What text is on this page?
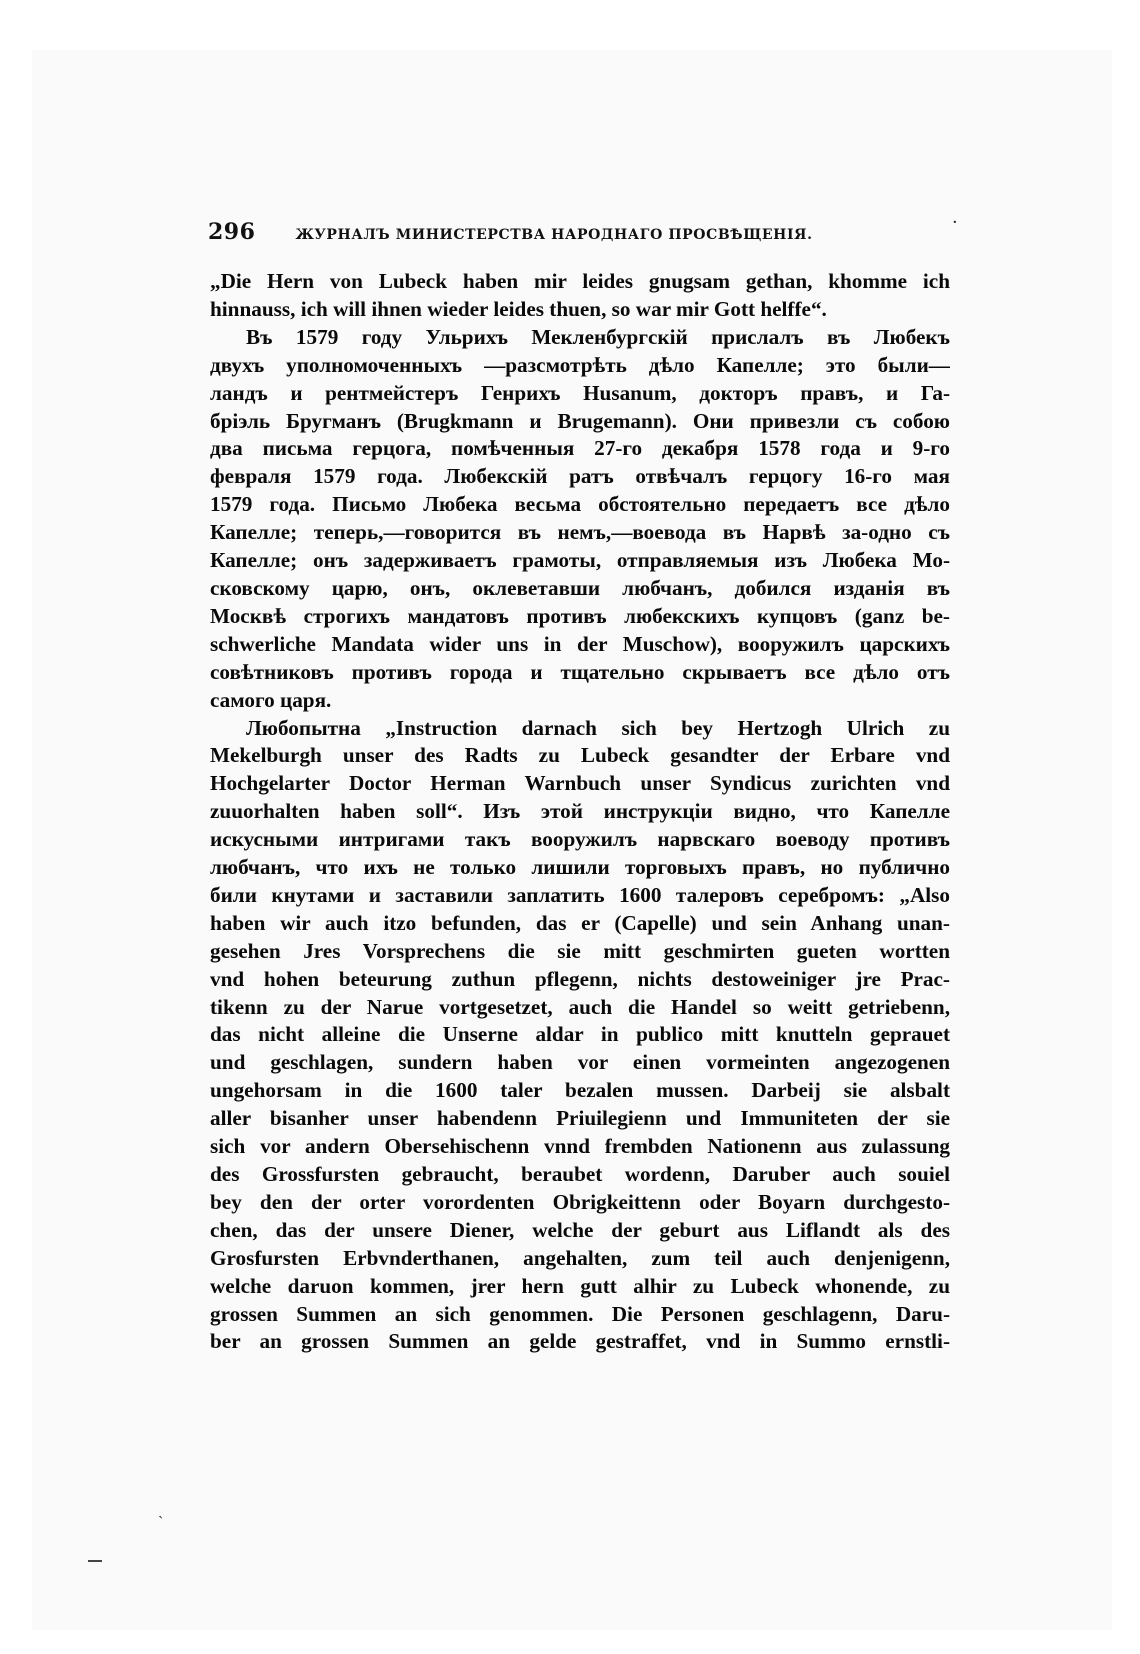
296	ЖУРНАЛЪ МИНИСТЕРСТВА НАРОДНАГО ПРОСВѢЩЕНIЯ.
·
„Die Hern von Lubeck haben mir leides gnugsam gethan, khomme ich
hinnauss, ich will ihnen wieder leides thuen, so war mir Gott helffe“.
Въ 1579 году Ульрихъ Мекленбургскій прислалъ въ Любекъ
двухъ уполномоченныхъ —разсмотрѣть дѣло Капелле; это были—
ландъ и рентмейстеръ Генрихъ Husanum, докторъ правъ, и Га-
бріэль Бругманъ (Brugkmann и Brugemann). Они привезли съ собою
два письма герцога, помѣченныя 27-го декабря 1578 года и 9-го
февраля 1579 года. Любекскій ратъ отвѣчалъ герцогу 16-го мая
1579 года. Письмо Любека весьма обстоятельно передаетъ все дѣло
Капелле; теперь,—говорится въ немъ,—воевода въ Нарвѣ за-одно съ
Капелле; онъ задерживаетъ грамоты, отправляемыя изъ Любека Мо-
сковскому царю, онъ, оклеветавши любчанъ, добился изданія въ
Москвѣ строгихъ мандатовъ противъ любекскихъ купцовъ (ganz be-
schwerliche Mandata wider uns in der Muschow), вооружилъ царскихъ
совѣтниковъ противъ города и тщательно скрываетъ все дѣло отъ
самого царя.
Любопытна „Instruction darnach sich bey Hertzogh Ulrich zu
Mekelburgh unser des Radts zu Lubeck gesandter der Erbare vnd
Hochgelarter Doctor Herman Warnbuch unser Syndicus zurichten vnd
zuuorhalten haben soll“. Изъ этой инструкціи видно, что Капелле
искусными интригами такъ вооружилъ нарвскаго воеводу противъ
любчанъ, что ихъ не только лишили торговыхъ правъ, но публично
били кнутами и заставили заплатить 1600 талеровъ серебромъ: „Also
haben wir auch itzo befunden, das er (Capelle) und sein Anhang unan-
gesehen Jres Vorsprechens die sie mitt geschmirten gueten wortten
vnd hohen beteurung zuthun pflegenn, nichts destoweiniger jre Prac-
tikenn zu der Narue vortgesetzet, auch die Handel so weitt getriebenn,
das nicht alleine die Unserne aldar in publico mitt knutteln geprauet
und geschlagen, sundern haben vor einen vormeinten angezogenen
ungehorsam in die 1600 taler bezalen mussen. Darbeij sie alsbalt
aller bisanher unser habendenn Priuilegienn und Immuniteten der sie
sich vor andern Obersehischenn vnnd frembden Nationenn aus zulassung
des Grossfursten gebraucht, beraubet wordenn, Daruber auch souiel
bey den der orter vorordenten Obrigkeittenn oder Boyarn durchgesto-
chen, das der unsere Diener, welche der geburt aus Liflandt als des
Grosfursten Erbvnderthanen, angehalten, zum teil auch denjenigenn,
welche daruon kommen, jrer hern gutt alhir zu Lubeck whonende, zu
grossen Summen an sich genommen. Die Personen geschlagenn, Daru-
ber an grossen Summen an gelde gestraffet, vnd in Summo ernstli-
ˎ
